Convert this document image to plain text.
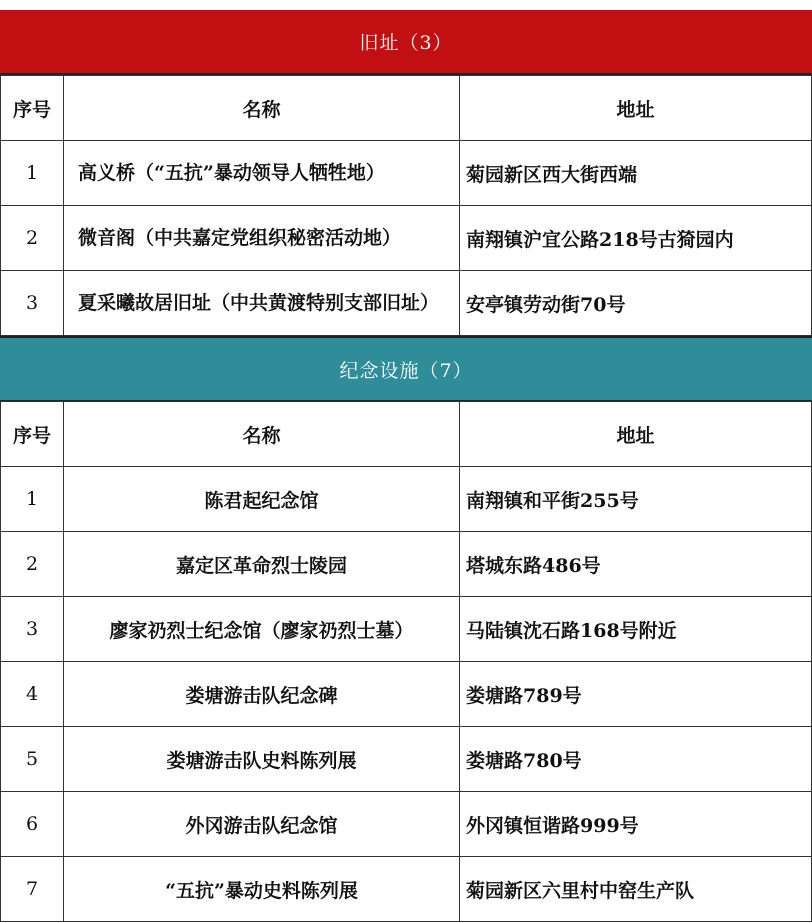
旧址（3）
序号	名称	地址
1	高义桥（“五抗”暴动领导人牺牲地）	菊园新区西大街西端
2	微音阁（中共嘉定党组织秘密活动地）	南翔镇沪宜公路218号古猗园内
3	夏采曦故居旧址（中共黄渡特别支部旧址）	安亭镇劳动街70号
纪念设施（7）
序号	名称	地址
1	陈君起纪念馆	南翔镇和平街255号
2	嘉定区革命烈士陵园	塔城东路486号
3	廖家礽烈士纪念馆（廖家礽烈士墓）	马陆镇沈石路168号附近
4	娄塘游击队纪念碑	娄塘路789号
5	娄塘游击队史料陈列展	娄塘路780号
6	外冈游击队纪念馆	外冈镇恒谐路999号
7	“五抗”暴动史料陈列展	菊园新区六里村中窑生产队
